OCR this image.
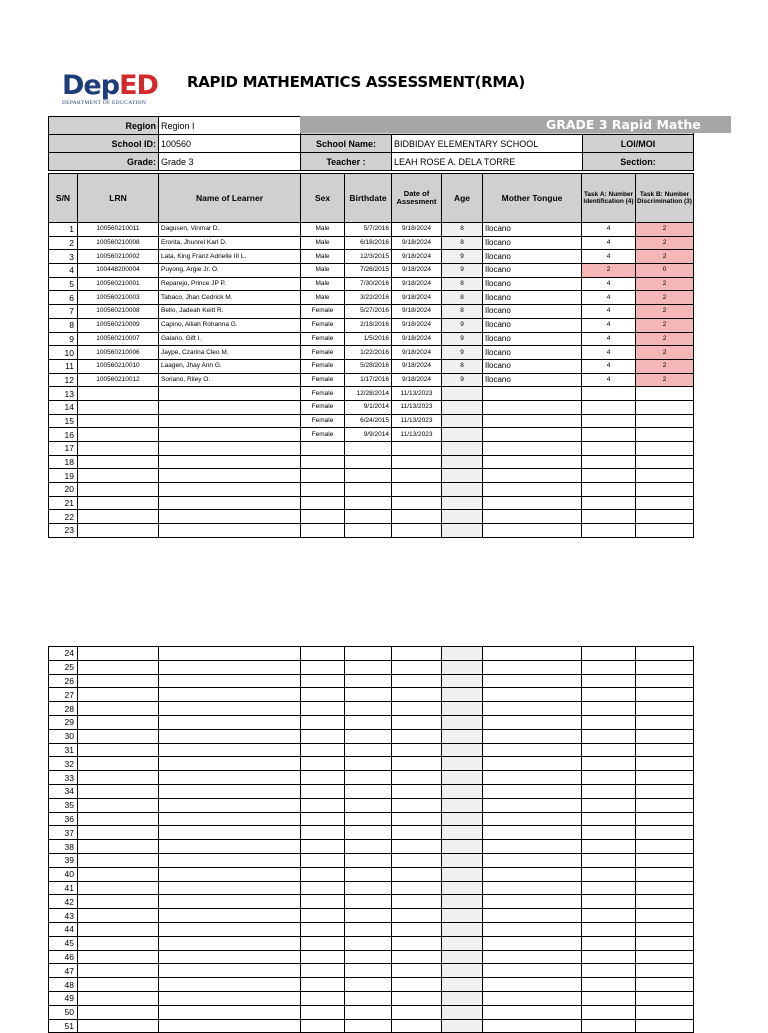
DepED
DEPARTMENT OF EDUCATION
RAPID MATHEMATICS ASSESSMENT(RMA)
Region	Region I			
School ID:	100560	School Name:	BIDBIDAY ELEMENTARY SCHOOL	LOI/MOI
Grade:	Grade 3	Teacher :	LEAH ROSE A. DELA TORRE	Section:
GRADE 3 Rapid Mathe
S/N	LRN	Name of Learner	Sex	Birthdate	Date of Assesment	Age	Mother Tongue	Task A: Number Identification (4)	Task B: Number Discrimination (3)
1	100560210011	Dagusen, Vinmar D.	Male	5/7/2016	9/18/2024	8	Ilocano	4	2
2	100560210008	Erorita, Jhunrel Karl D.	Male	6/18/2016	9/18/2024	8	Ilocano	4	2
3	100560210002	Lata, King Franz Adrielle III L.	Male	12/3/2015	9/18/2024	9	Ilocano	4	2
4	100448200004	Puyong, Argie Jr. O.	Male	7/26/2015	9/18/2024	9	Ilocano	2	0
5	100560210001	Reparejo, Prince JP P.	Male	7/30/2016	9/18/2024	8	Ilocano	4	2
6	100560210003	Tabaco, Jhan Cedrick M.	Male	3/22/2016	9/18/2024	8	Ilocano	4	2
7	100560210008	Bello, Jadeah Keitt R.	Female	5/27/2016	9/18/2024	8	Ilocano	4	2
8	100560210009	Capino, Alliah Rohanna G.	Female	2/18/2016	9/18/2024	9	Ilocano	4	2
9	100560210007	Galario, Gift I.	Female	1/5/2016	9/18/2024	9	Ilocano	4	2
10	100560210006	Jaype, Czarina Cleo M.	Female	1/22/2016	9/18/2024	9	Ilocano	4	2
11	100560210010	Laagen, Jhay Ann G.	Female	5/28/2016	9/18/2024	8	Ilocano	4	2
12	100560210012	Soriano, Riley O.	Female	1/17/2016	9/18/2024	9	Ilocano	4	2
13			Female	12/28/2014	11/13/2023				
14			Female	9/1/2014	11/13/2023				
15			Female	6/24/2015	11/13/2023				
16			Female	9/9/2014	11/13/2023				
17									
18									
19									
20									
21									
22									
23									
24									
25									
26									
27									
28									
29									
30									
31									
32									
33									
34									
35									
36									
37									
38									
39									
40									
41									
42									
43									
44									
45									
46									
47									
48									
49									
50									
51									
